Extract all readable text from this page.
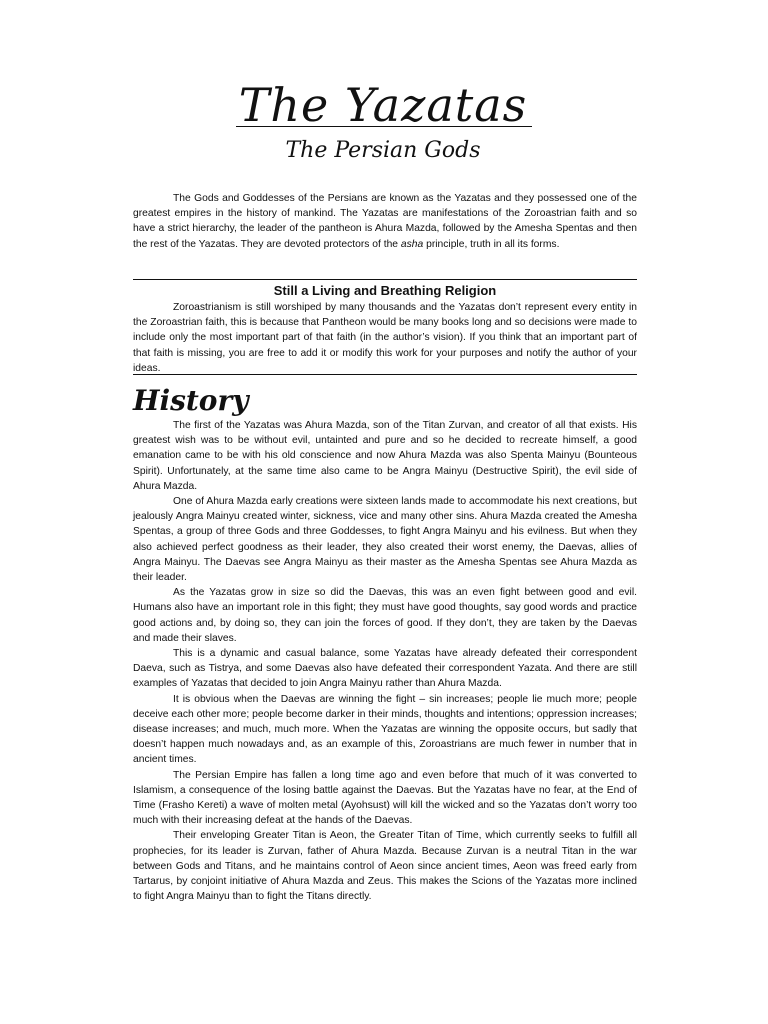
The Yazatas
The Persian Gods
The Gods and Goddesses of the Persians are known as the Yazatas and they possessed one of the greatest empires in the history of mankind. The Yazatas are manifestations of the Zoroastrian faith and so have a strict hierarchy, the leader of the pantheon is Ahura Mazda, followed by the Amesha Spentas and then the rest of the Yazatas. They are devoted protectors of the asha principle, truth in all its forms.
Still a Living and Breathing Religion
Zoroastrianism is still worshiped by many thousands and the Yazatas don’t represent every entity in the Zoroastrian faith, this is because that Pantheon would be many books long and so decisions were made to include only the most important part of that faith (in the author’s vision). If you think that an important part of that faith is missing, you are free to add it or modify this work for your purposes and notify the author of your ideas.
History
The first of the Yazatas was Ahura Mazda, son of the Titan Zurvan, and creator of all that exists. His greatest wish was to be without evil, untainted and pure and so he decided to recreate himself, a good emanation came to be with his old conscience and now Ahura Mazda was also Spenta Mainyu (Bounteous Spirit). Unfortunately, at the same time also came to be Angra Mainyu (Destructive Spirit), the evil side of Ahura Mazda.
One of Ahura Mazda early creations were sixteen lands made to accommodate his next creations, but jealously Angra Mainyu created winter, sickness, vice and many other sins. Ahura Mazda created the Amesha Spentas, a group of three Gods and three Goddesses, to fight Angra Mainyu and his evilness. But when they also achieved perfect goodness as their leader, they also created their worst enemy, the Daevas, allies of Angra Mainyu. The Daevas see Angra Mainyu as their master as the Amesha Spentas see Ahura Mazda as their leader.
As the Yazatas grow in size so did the Daevas, this was an even fight between good and evil. Humans also have an important role in this fight; they must have good thoughts, say good words and practice good actions and, by doing so, they can join the forces of good. If they don’t, they are taken by the Daevas and made their slaves.
This is a dynamic and casual balance, some Yazatas have already defeated their correspondent Daeva, such as Tistrya, and some Daevas also have defeated their correspondent Yazata. And there are still examples of Yazatas that decided to join Angra Mainyu rather than Ahura Mazda.
It is obvious when the Daevas are winning the fight – sin increases; people lie much more; people deceive each other more; people become darker in their minds, thoughts and intentions; oppression increases; disease increases; and much, much more. When the Yazatas are winning the opposite occurs, but sadly that doesn’t happen much nowadays and, as an example of this, Zoroastrians are much fewer in number that in ancient times.
The Persian Empire has fallen a long time ago and even before that much of it was converted to Islamism, a consequence of the losing battle against the Daevas. But the Yazatas have no fear, at the End of Time (Frasho Kereti) a wave of molten metal (Ayohsust) will kill the wicked and so the Yazatas don’t worry too much with their increasing defeat at the hands of the Daevas.
Their enveloping Greater Titan is Aeon, the Greater Titan of Time, which currently seeks to fulfill all prophecies, for its leader is Zurvan, father of Ahura Mazda. Because Zurvan is a neutral Titan in the war between Gods and Titans, and he maintains control of Aeon since ancient times, Aeon was freed early from Tartarus, by conjoint initiative of Ahura Mazda and Zeus. This makes the Scions of the Yazatas more inclined to fight Angra Mainyu than to fight the Titans directly.
